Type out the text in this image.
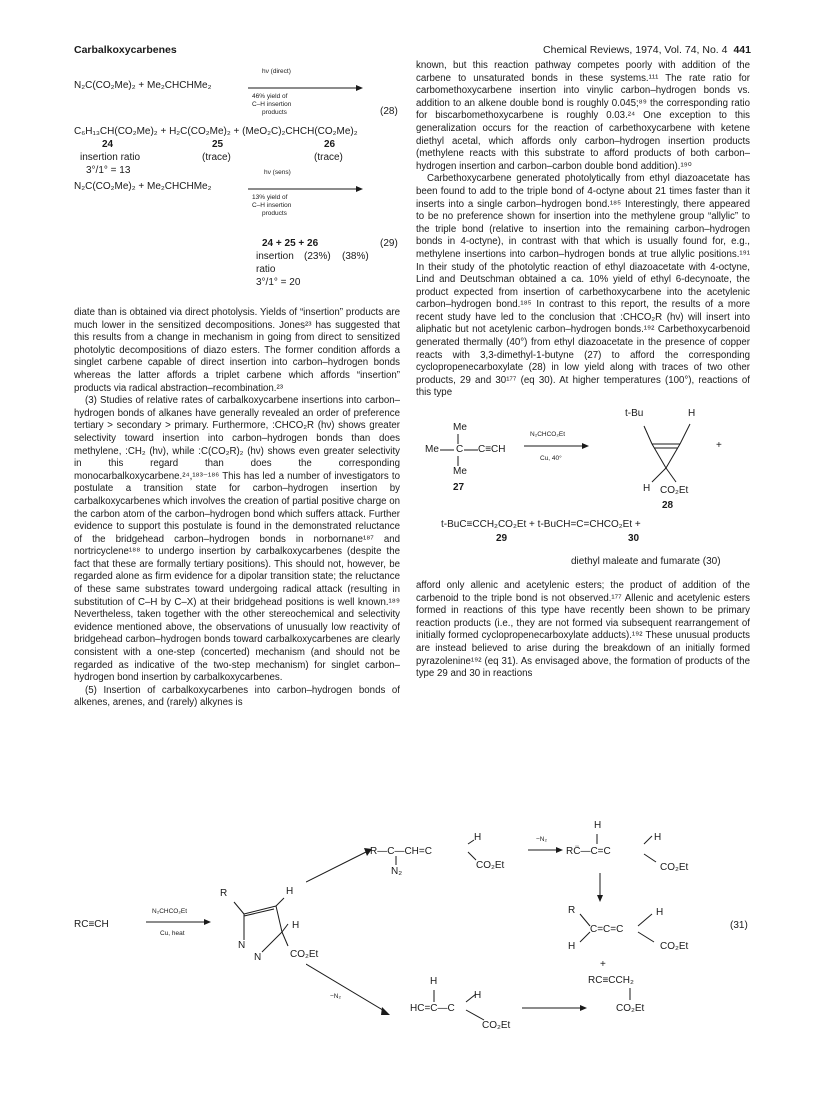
Carbalkoxycarbenes	Chemical Reviews, 1974, Vol. 74, No. 4 441
N₂C(CO₂Me)₂ + Me₂CHCHMe₂
hν (direct)
46% yield of
C–H insertion
products	(28)
C₆H₁₃CH(CO₂Me)₂ + H₂C(CO₂Me)₂ + (MeO₂C)₂CHCH(CO₂Me)₂
24	25	26
insertion ratio	(trace)	(trace)
3°/1° = 13
N₂C(CO₂Me)₂ + Me₂CHCHMe₂
hν (sens)
13% yield of
C–H insertion
products
24 + 25 + 26	(29)
insertion (23%) (38%)
ratio
3°/1° = 20

diate than is obtained via direct photolysis. Yields of “insertion” products are much lower in the sensitized decompositions. Jones²³ has suggested that this results from a change in mechanism in going from direct to sensitized photolytic decompositions of diazo esters. The former condition affords a singlet carbene capable of direct insertion into carbon–hydrogen bonds whereas the latter affords a triplet carbene which affords “insertion” products via radical abstraction–recombination.²³

(3) Studies of relative rates of carbalkoxycarbene insertions into carbon–hydrogen bonds of alkanes have generally revealed an order of preference tertiary > secondary > primary. Furthermore, :CHCO₂R (hν) shows greater selectivity toward insertion into carbon–hydrogen bonds than does methylene, :CH₂ (hν), while :C(CO₂R)₂ (hν) shows even greater selectivity in this regard than does the corresponding monocarbalkoxycarbene.²⁴,¹⁸³⁻¹⁸⁶ This has led a number of investigators to postulate a transition state for carbon–hydrogen insertion by carbalkoxycarbenes which involves the creation of partial positive charge on the carbon atom of the carbon–hydrogen bond which suffers attack. Further evidence to support this postulate is found in the demonstrated reluctance of the bridgehead carbon–hydrogen bonds in norbornane¹⁸⁷ and nortricyclene¹⁸⁸ to undergo insertion by carbalkoxycarbenes (despite the fact that these are formally tertiary positions). This should not, however, be regarded alone as firm evidence for a dipolar transition state; the reluctance of these same substrates toward undergoing radical attack (resulting in substitution of C–H by C–X) at their bridgehead positions is well known.¹⁸⁹ Nevertheless, taken together with the other stereochemical and selectivity evidence mentioned above, the observations of unusually low reactivity of bridgehead carbon–hydrogen bonds toward carbalkoxycarbenes are clearly consistent with a one-step (concerted) mechanism (and should not be regarded as indicative of the two-step mechanism) for singlet carbon–hydrogen bond insertion by carbalkoxycarbenes.

(5) Insertion of carbalkoxycarbenes into carbon–hydrogen bonds of alkenes, arenes, and (rarely) alkynes is

known, but this reaction pathway competes poorly with addition of the carbene to unsaturated bonds in these systems.¹¹¹ The rate ratio for carbomethoxycarbene insertion into vinylic carbon–hydrogen bonds vs. addition to an alkene double bond is roughly 0.045;⁸⁹ the corresponding ratio for biscarbomethoxycarbene is roughly 0.03.²⁴ One exception to this generalization occurs for the reaction of carbethoxycarbene with ketene diethyl acetal, which affords only carbon–hydrogen insertion products (methylene reacts with this substrate to afford products of both carbon–hydrogen insertion and carbon–carbon double bond addition).¹⁹⁰

Carbethoxycarbene generated photolytically from ethyl diazoacetate has been found to add to the triple bond of 4-octyne about 21 times faster than it inserts into a single carbon–hydrogen bond.¹⁸⁵ Interestingly, there appeared to be no preference shown for insertion into the methylene group “allylic” to the triple bond (relative to insertion into the remaining carbon–hydrogen bonds in 4-octyne), in contrast with that which is usually found for, e.g., methylene insertions into carbon–hydrogen bonds at true allylic positions.¹⁹¹ In their study of the photolytic reaction of ethyl diazoacetate with 4-octyne, Lind and Deutschman obtained a ca. 10% yield of ethyl 6-decynoate, the product expected from insertion of carbethoxycarbene into the acetylenic carbon–hydrogen bond.¹⁸⁵ In contrast to this report, the results of a more recent study have led to the conclusion that :CHCO₂R (hν) will insert into aliphatic but not acetylenic carbon–hydrogen bonds.¹⁹² Carbethoxycarbenoid generated thermally (40°) from ethyl diazoacetate in the presence of copper reacts with 3,3-dimethyl-1-butyne (27) to afford the corresponding cyclopropenecarboxylate (28) in low yield along with traces of two other products, 29 and 30¹⁷⁷ (eq 30). At higher temperatures (100°), reactions of this type

Me
Me C C≡CH
Me
27
N₂CHCO₂Et
Cu, 40°
t-Bu	H
H CO₂Et
28
+
t-BuC≡CCH₂CO₂Et + t-BuCH=C=CHCO₂Et +
29	30
diethyl maleate and fumarate (30)

afford only allenic and acetylenic esters; the product of addition of the carbenoid to the triple bond is not observed.¹⁷⁷ Allenic and acetylenic esters formed in reactions of this type have recently been shown to be primary reaction products (i.e., they are not formed via subsequent rearrangement of initially formed cyclopropenecarboxylate adducts).¹⁹² These unusual products are instead believed to arise during the breakdown of an initially formed pyrazolenine¹⁹² (eq 31). As envisaged above, the formation of products of the type 29 and 30 in reactions

RC≡CH
N₂CHCO₂Et
Cu, heat
R	H
H
N
N	CO₂Et
−N₂
R—C—CH=C
N₂
H
CO₂Et
−N₂
H
RC̈—C=C
H
CO₂Et
R
H
C=C=C
H
CO₂Et
(31)
+
RC≡CCH₂
CO₂Et
H
HC=C—C
H
CO₂Et
